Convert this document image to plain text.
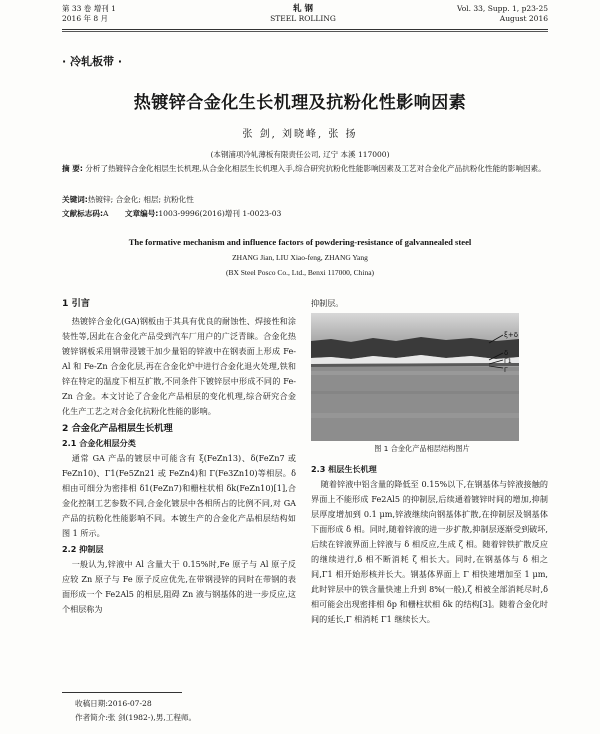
第 33 卷 增刊 1
2016 年 8 月
轧 钢
STEEL ROLLING
Vol. 33, Supp. 1, p23-25
August 2016
· 冷轧板带 ·
热镀锌合金化生长机理及抗粉化性影响因素
张 剑, 刘晓峰, 张 扬
(本钢浦项冷轧薄板有限责任公司, 辽宁 本溪 117000)
摘 要: 分析了热镀锌合金化相层生长机理,从合金化相层生长机理入手,综合研究抗粉化性能影响因素及工艺对合金化产品抗粉化性能的影响因素。
关键词:热镀锌; 合金化; 相层; 抗粉化性
文献标志码:A 文章编号:1003-9996(2016)增刊 1-0023-03
The formative mechanism and influence factors of powdering-resistance of galvannealed steel
ZHANG Jian, LIU Xiao-feng, ZHANG Yang
(BX Steel Posco Co., Ltd., Benxi 117000, China)
1 引言

热镀锌合金化(GA)钢板由于其具有优良的耐蚀性、焊接性和涂装性等,因此在合金化产品受到汽车厂用户的广泛青睐。合金化热镀锌钢板采用钢带浸镀干加少量铝的锌液中在钢表面上形成 Fe-Al 和 Fe-Zn 合金化层,再在合金化炉中进行合金化退火处理,铁和锌在特定的温度下相互扩散,不同条件下镀锌层中形成不同的 Fe-Zn 合金。本文讨论了合金化产品相层的变化机理,综合研究合金化生产工艺之对合金化抗粉化性能的影响。

2 合金化产品相层生长机理
2.1 合金化相层分类

通常 GA 产品的镀层中可能含有 ξ(FeZn13)、δ(FeZn7 或 FeZn10)、Γ1(Fe5Zn21 或 FeZn4)和 Γ(Fe3Zn10)等相层。δ 相由可细分为密排相 δ1(FeZn7)和栅柱状相 δk(FeZn10)[1],合金化控制工艺参数不同,合金化镀层中各相所占的比例不同,对 GA 产品的抗粉化性能影响不同。本镀生产的合金化产品相层结构如图 1 所示。

2.2 抑制层

一般认为,锌液中 Al 含量大于 0.15%时,Fe 原子与 Al 原子反应较 Zn 原子与 Fe 原子反应优先,在带钢浸锌的同时在带钢的表面形成一个 Fe2Al5 的相层,阻碍 Zn 液与钢基体的进一步反应,这个相层称为

抑制层。

ξ+δ
δ
Γ1
Γ
图 1 合金化产品相层结构图片
2.3 相层生长机理

随着锌液中铝含量的降低至 0.15%以下,在钢基体与锌液接触的界面上不能形成 Fe2Al5 的抑制层,后续通着镀锌时间的增加,抑制层厚度增加到 0.1 μm,锌液继续向钢基体扩散,在抑制层及钢基体下面形成 δ 相。同时,随着锌液的进一步扩散,抑制层逐渐受到破坏,后续在锌液界面上锌液与 δ 相反应,生成 ζ 相。随着锌铁扩散反应的继续进行,δ 相不断消耗 ζ 相长大。同时,在钢基体与 δ 相之间,Γ1 相开始形核并长大。钢基体界面上 Γ 相快速增加至 1 μm,此时锌层中的铁含量快速上升到 8%(一般),ζ 相被全部消耗尽时,δ 相可能会出现密排相 δp 和栅柱状相 δk 的结构[3]。随着合金化时间的延长,Γ 相消耗 Γ1 继续长大。

收稿日期:2016-07-28
作者简介:张 剑(1982-),男,工程师。
